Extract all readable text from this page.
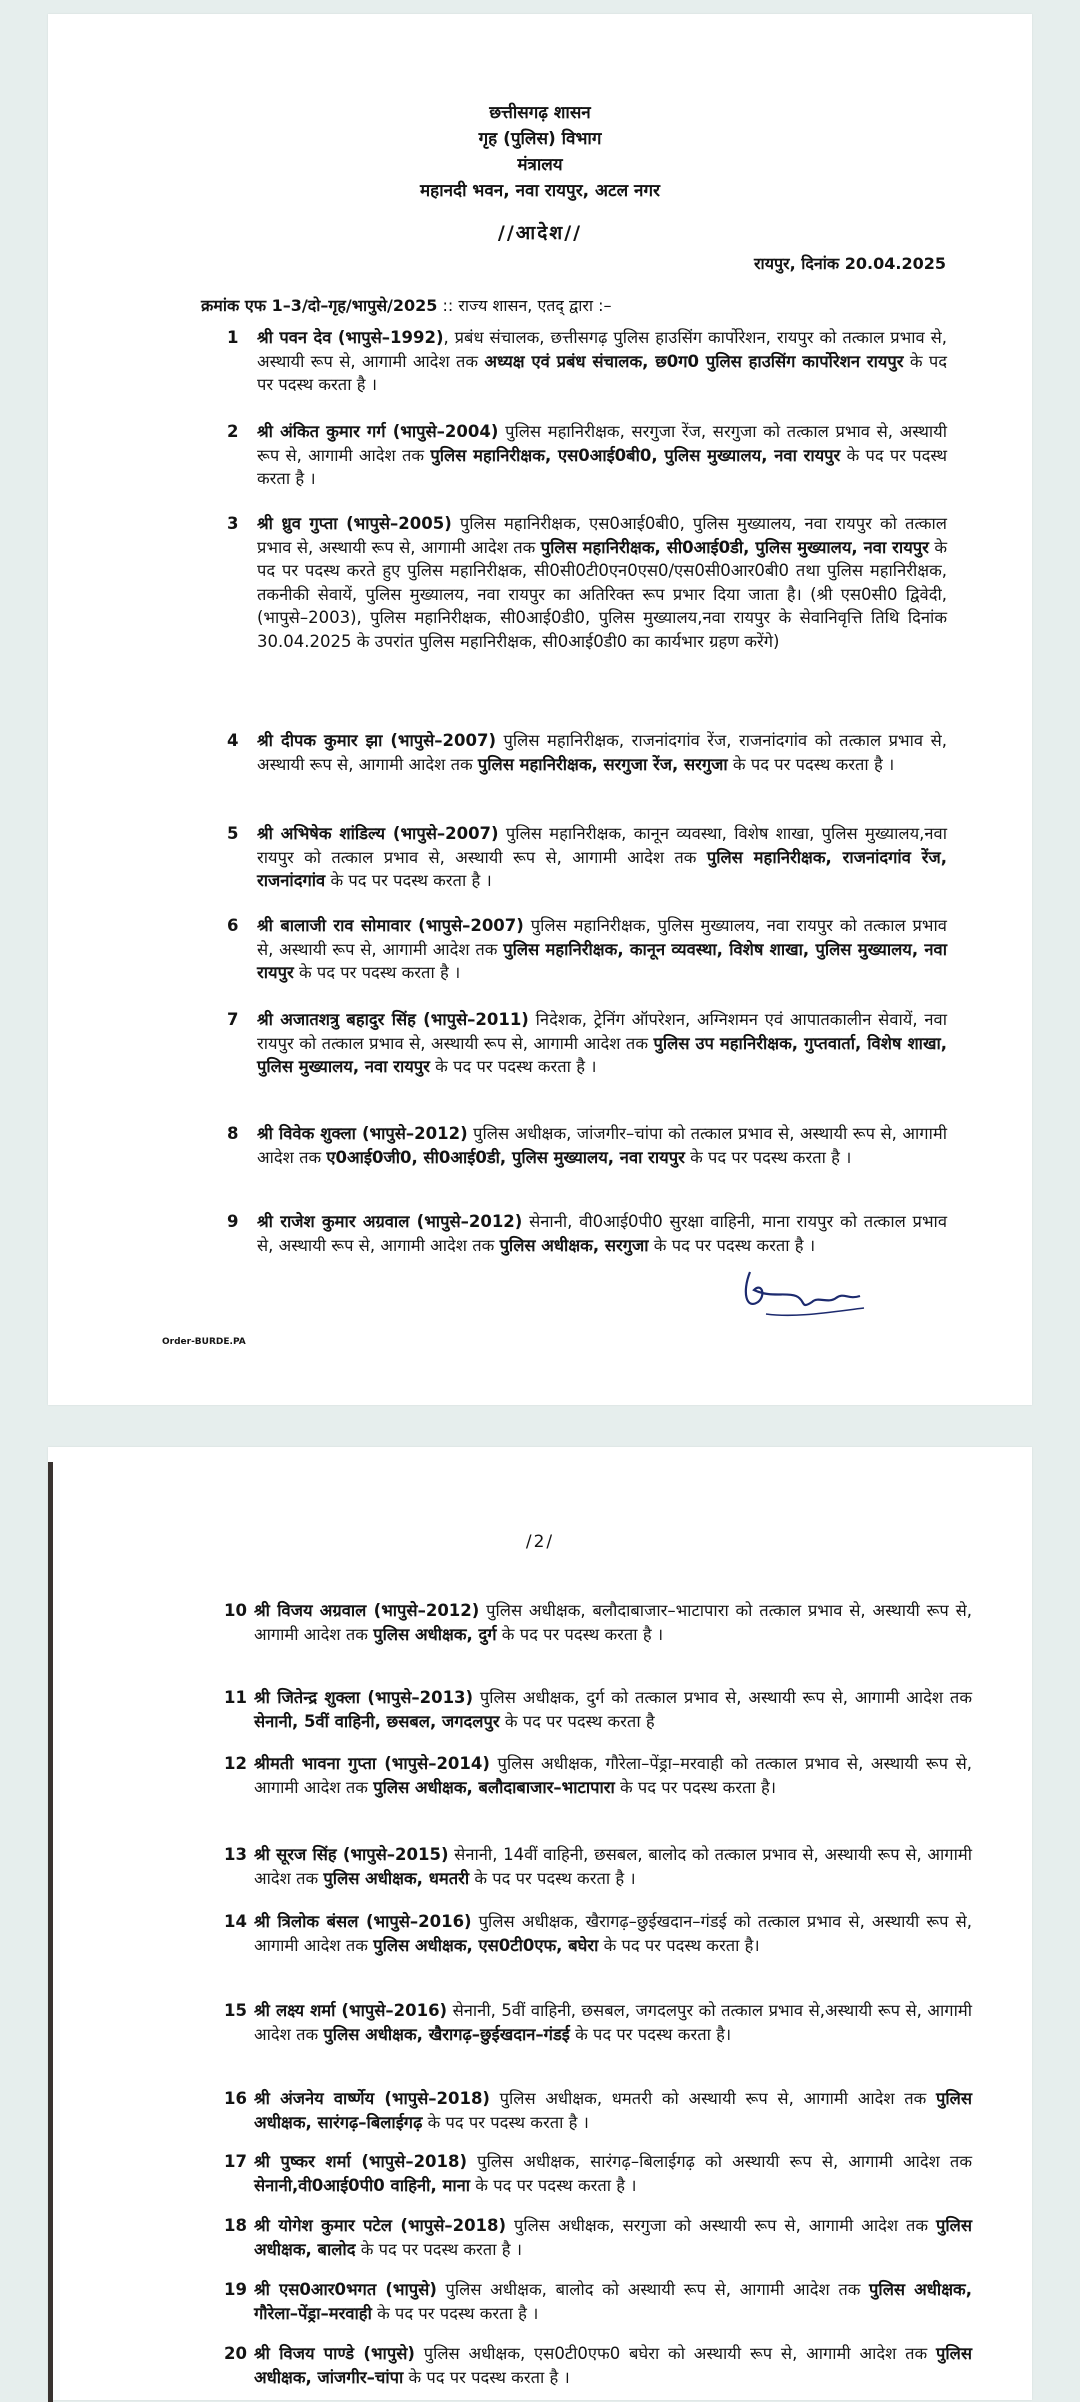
छत्तीसगढ़ शासन
गृह (पुलिस) विभाग
मंत्रालय
महानदी भवन, नवा रायपुर, अटल नगर
//आदेश//
रायपुर, दिनांक 20.04.2025
क्रमांक एफ 1–3/दो–गृह/भापुसे/2025 :: राज्य शासन, एतद् द्वारा :–
1 श्री पवन देव (भापुसे–1992), प्रबंध संचालक, छत्तीसगढ़ पुलिस हाउसिंग कार्पोरेशन, रायपुर को तत्काल प्रभाव से, अस्थायी रूप से, आगामी आदेश तक अध्यक्ष एवं प्रबंध संचालक, छ0ग0 पुलिस हाउसिंग कार्पोरेशन रायपुर के पद पर पदस्थ करता है ।
2 श्री अंकित कुमार गर्ग (भापुसे–2004) पुलिस महानिरीक्षक, सरगुजा रेंज, सरगुजा को तत्काल प्रभाव से, अस्थायी रूप से, आगामी आदेश तक पुलिस महानिरीक्षक, एस0आई0बी0, पुलिस मुख्यालय, नवा रायपुर के पद पर पदस्थ करता है ।
3 श्री ध्रुव गुप्ता (भापुसे–2005) पुलिस महानिरीक्षक, एस0आई0बी0, पुलिस मुख्यालय, नवा रायपुर को तत्काल प्रभाव से, अस्थायी रूप से, आगामी आदेश तक पुलिस महानिरीक्षक, सी0आई0डी, पुलिस मुख्यालय, नवा रायपुर के पद पर पदस्थ करते हुए पुलिस महानिरीक्षक, सी0सी0टी0एन0एस0/एस0सी0आर0बी0 तथा पुलिस महानिरीक्षक, तकनीकी सेवायें, पुलिस मुख्यालय, नवा रायपुर का अतिरिक्त रूप प्रभार दिया जाता है। (श्री एस0सी0 द्विवेदी, (भापुसे–2003), पुलिस महानिरीक्षक, सी0आई0डी0, पुलिस मुख्यालय,नवा रायपुर के सेवानिवृत्ति तिथि दिनांक 30.04.2025 के उपरांत पुलिस महानिरीक्षक, सी0आई0डी0 का कार्यभार ग्रहण करेंगे)
4 श्री दीपक कुमार झा (भापुसे–2007) पुलिस महानिरीक्षक, राजनांदगांव रेंज, राजनांदगांव को तत्काल प्रभाव से, अस्थायी रूप से, आगामी आदेश तक पुलिस महानिरीक्षक, सरगुजा रेंज, सरगुजा के पद पर पदस्थ करता है ।
5 श्री अभिषेक शांडिल्य (भापुसे–2007) पुलिस महानिरीक्षक, कानून व्यवस्था, विशेष शाखा, पुलिस मुख्यालय,नवा रायपुर को तत्काल प्रभाव से, अस्थायी रूप से, आगामी आदेश तक पुलिस महानिरीक्षक, राजनांदगांव रेंज, राजनांदगांव के पद पर पदस्थ करता है ।
6 श्री बालाजी राव सोमावार (भापुसे–2007) पुलिस महानिरीक्षक, पुलिस मुख्यालय, नवा रायपुर को तत्काल प्रभाव से, अस्थायी रूप से, आगामी आदेश तक पुलिस महानिरीक्षक, कानून व्यवस्था, विशेष शाखा, पुलिस मुख्यालय, नवा रायपुर के पद पर पदस्थ करता है ।
7 श्री अजातशत्रु बहादुर सिंह (भापुसे–2011) निदेशक, ट्रेनिंग ऑपरेशन, अग्निशमन एवं आपातकालीन सेवायें, नवा रायपुर को तत्काल प्रभाव से, अस्थायी रूप से, आगामी आदेश तक पुलिस उप महानिरीक्षक, गुप्तवार्ता, विशेष शाखा, पुलिस मुख्यालय, नवा रायपुर के पद पर पदस्थ करता है ।
8 श्री विवेक शुक्ला (भापुसे–2012) पुलिस अधीक्षक, जांजगीर–चांपा को तत्काल प्रभाव से, अस्थायी रूप से, आगामी आदेश तक ए0आई0जी0, सी0आई0डी, पुलिस मुख्यालय, नवा रायपुर के पद पर पदस्थ करता है ।
9 श्री राजेश कुमार अग्रवाल (भापुसे–2012) सेनानी, वी0आई0पी0 सुरक्षा वाहिनी, माना रायपुर को तत्काल प्रभाव से, अस्थायी रूप से, आगामी आदेश तक पुलिस अधीक्षक, सरगुजा के पद पर पदस्थ करता है ।
Order-BURDE.PA
/2/
10 श्री विजय अग्रवाल (भापुसे–2012) पुलिस अधीक्षक, बलौदाबाजार–भाटापारा को तत्काल प्रभाव से, अस्थायी रूप से, आगामी आदेश तक पुलिस अधीक्षक, दुर्ग के पद पर पदस्थ करता है ।
11 श्री जितेन्द्र शुक्ला (भापुसे–2013) पुलिस अधीक्षक, दुर्ग को तत्काल प्रभाव से, अस्थायी रूप से, आगामी आदेश तक सेनानी, 5वीं वाहिनी, छसबल, जगदलपुर के पद पर पदस्थ करता है
12 श्रीमती भावना गुप्ता (भापुसे–2014) पुलिस अधीक्षक, गौरेला–पेंड्रा–मरवाही को तत्काल प्रभाव से, अस्थायी रूप से, आगामी आदेश तक पुलिस अधीक्षक, बलौदाबाजार–भाटापारा के पद पर पदस्थ करता है।
13 श्री सूरज सिंह (भापुसे–2015) सेनानी, 14वीं वाहिनी, छसबल, बालोद को तत्काल प्रभाव से, अस्थायी रूप से, आगामी आदेश तक पुलिस अधीक्षक, धमतरी के पद पर पदस्थ करता है ।
14 श्री त्रिलोक बंसल (भापुसे–2016) पुलिस अधीक्षक, खैरागढ़–छुईखदान–गंडई को तत्काल प्रभाव से, अस्थायी रूप से, आगामी आदेश तक पुलिस अधीक्षक, एस0टी0एफ, बघेरा के पद पर पदस्थ करता है।
15 श्री लक्ष्य शर्मा (भापुसे–2016) सेनानी, 5वीं वाहिनी, छसबल, जगदलपुर को तत्काल प्रभाव से,अस्थायी रूप से, आगामी आदेश तक पुलिस अधीक्षक, खैरागढ़–छुईखदान–गंडई के पद पर पदस्थ करता है।
16 श्री अंजनेय वार्ष्णेय (भापुसे–2018) पुलिस अधीक्षक, धमतरी को अस्थायी रूप से, आगामी आदेश तक पुलिस अधीक्षक, सारंगढ़–बिलाईगढ़ के पद पर पदस्थ करता है ।
17 श्री पुष्कर शर्मा (भापुसे–2018) पुलिस अधीक्षक, सारंगढ़–बिलाईगढ़ को अस्थायी रूप से, आगामी आदेश तक सेनानी,वी0आई0पी0 वाहिनी, माना के पद पर पदस्थ करता है ।
18 श्री योगेश कुमार पटेल (भापुसे–2018) पुलिस अधीक्षक, सरगुजा को अस्थायी रूप से, आगामी आदेश तक पुलिस अधीक्षक, बालोद के पद पर पदस्थ करता है ।
19 श्री एस0आर0भगत (भापुसे) पुलिस अधीक्षक, बालोद को अस्थायी रूप से, आगामी आदेश तक पुलिस अधीक्षक, गौरेला–पेंड्रा–मरवाही के पद पर पदस्थ करता है ।
20 श्री विजय पाण्डे (भापुसे) पुलिस अधीक्षक, एस0टी0एफ0 बघेरा को अस्थायी रूप से, आगामी आदेश तक पुलिस अधीक्षक, जांजगीर–चांपा के पद पर पदस्थ करता है ।
